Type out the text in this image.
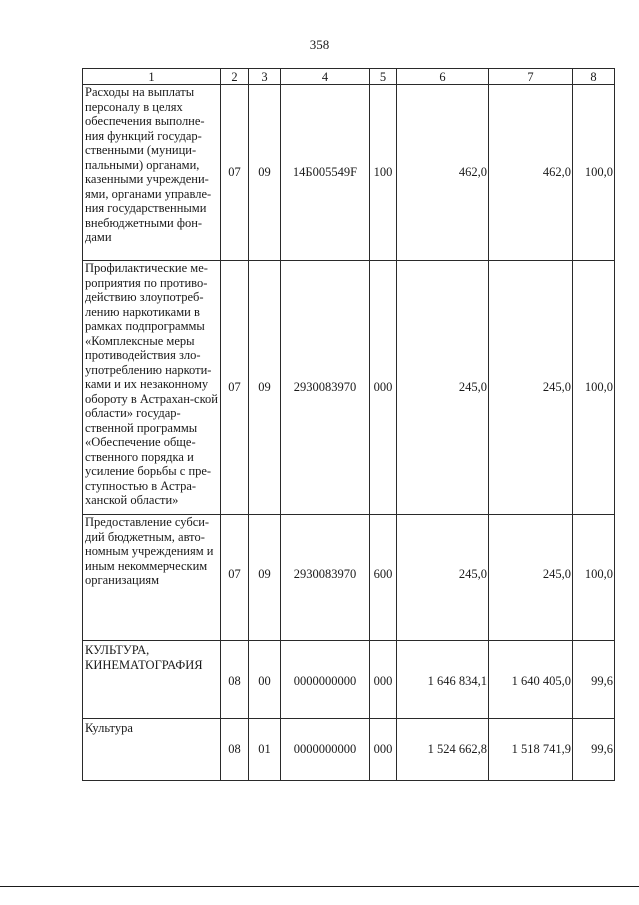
358
1	2	3	4	5	6	7	8
Расходы на выплаты персоналу в целях обеспечения выполне-ния функций государ-ственными (муници-пальными) органами, казенными учреждени-ями, органами управле-ния государственными внебюджетными фон-дами	07	09	14Б005549F	100	462,0	462,0	100,0
Профилактические ме-роприятия по противо-действию злоупотреб-лению наркотиками в рамках подпрограммы «Комплексные меры противодействия зло-употреблению наркоти-ками и их незаконному обороту в Астрахан-ской области» государ-ственной программы «Обеспечение обще-ственного порядка и усиление борьбы с пре-ступностью в Астра-ханской области»	07	09	2930083970	000	245,0	245,0	100,0
Предоставление субси-дий бюджетным, авто-номным учреждениям и иным некоммерческим организациям	07	09	2930083970	600	245,0	245,0	100,0
КУЛЬТУРА, КИНЕМАТОГРАФИЯ	08	00	0000000000	000	1 646 834,1	1 640 405,0	99,6
Культура	08	01	0000000000	000	1 524 662,8	1 518 741,9	99,6
